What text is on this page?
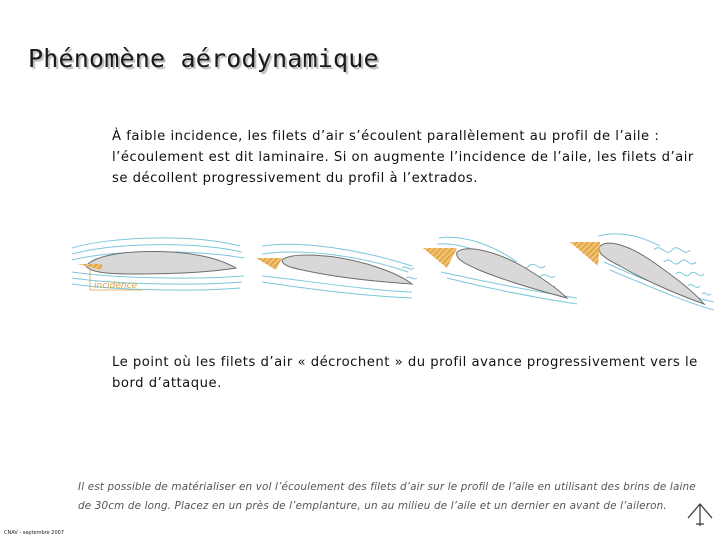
Phénomène aérodynamique
À faible incidence, les filets d’air s’écoulent parallèlement au profil de l’aile : l’écoulement est dit laminaire. Si on augmente l’incidence de l’aile, les filets d’air se décollent progressivement du profil à l’extrados.
incidence
Le point où les filets d’air « décrochent » du profil avance progressivement vers le bord d’attaque.
Il est possible de matérialiser en vol l’écoulement des filets d’air sur le profil de l’aile en utilisant des brins de laine de 30cm de long. Placez en un près de l’emplanture, un au milieu de l’aile et un dernier en avant de l’aileron.
CNAV - septembre 2007
